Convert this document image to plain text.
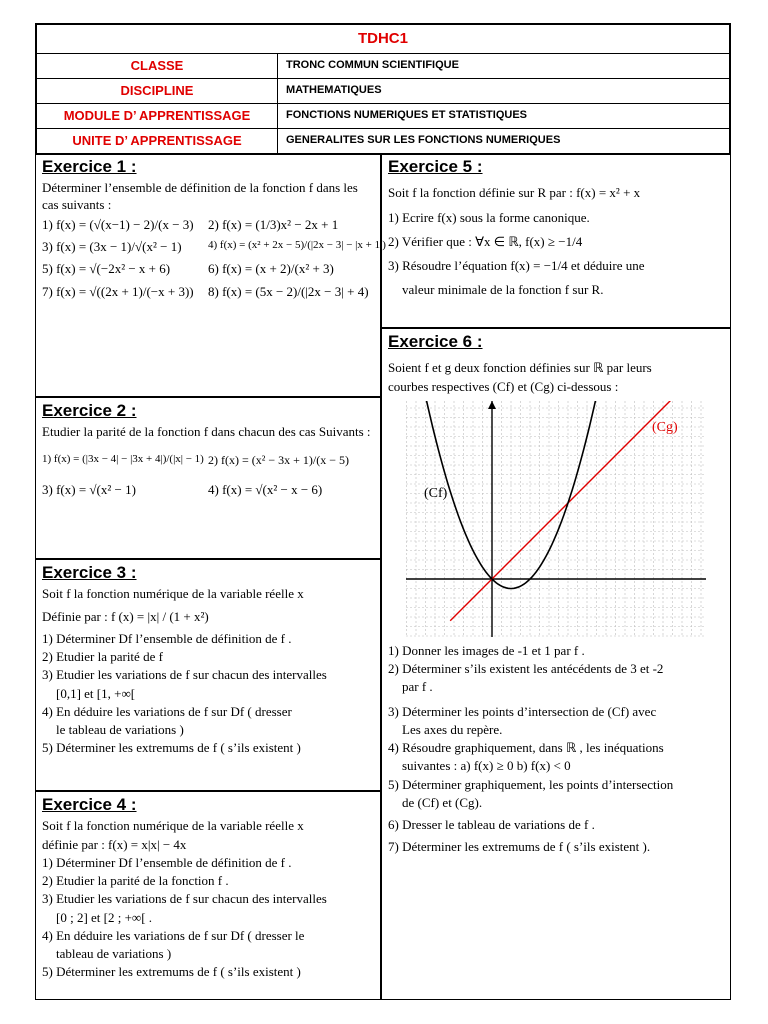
TDHC1
CLASSE	TRONC COMMUN SCIENTIFIQUE
DISCIPLINE	MATHEMATIQUES
MODULE D’ APPRENTISSAGE	FONCTIONS NUMERIQUES ET STATISTIQUES
UNITE D’ APPRENTISSAGE	GENERALITES SUR LES FONCTIONS NUMERIQUES
Exercice 1 :

Déterminer l’ensemble de définition de la fonction f dans les cas suivants :

1) f(x) = (√(x−1) − 2)/(x − 3)	2) f(x) = (1/3)x² − 2x + 1
3) f(x) = (3x − 1)/√(x² − 1)	4) f(x) = (x² + 2x − 5)/(|2x − 3| − |x + 1|)
5) f(x) = √(−2x² − x + 6)	6) f(x) = (x + 2)/(x² + 3)
7) f(x) = √((2x + 1)/(−x + 3))	8) f(x) = (5x − 2)/(|2x − 3| + 4)
Exercice 2 :

Etudier la parité de la fonction f dans chacun des cas Suivants :

1) f(x) = (|3x − 4| − |3x + 4|)/(|x| − 1) 2) f(x) = (x² − 3x + 1)/(x − 5)
3) f(x) = √(x² − 1)	4) f(x) = √(x² − x − 6)
Exercice 3 :

Soit f la fonction numérique de la variable réelle x

Définie par : f (x) = |x| / (1 + x²)

1) Déterminer Df l’ensemble de définition de f .

2) Etudier la parité de f

3) Etudier les variations de f sur chacun des intervalles

[0,1] et [1, +∞[

4) En déduire les variations de f sur Df ( dresser

le tableau de variations )

5) Déterminer les extremums de f ( s’ils existent )

Exercice 4 :

Soit f la fonction numérique de la variable réelle x

définie par : f(x) = x|x| − 4x

1) Déterminer Df l’ensemble de définition de f .

2) Etudier la parité de la fonction f .

3) Etudier les variations de f sur chacun des intervalles

[0 ; 2] et [2 ; +∞[ .

4) En déduire les variations de f sur Df ( dresser le

tableau de variations )

5) Déterminer les extremums de f ( s’ils existent )

Exercice 5 :

Soit f la fonction définie sur R par : f(x) = x² + x

1) Ecrire f(x) sous la forme canonique.

2) Vérifier que : ∀x ∈ ℝ, f(x) ≥ −1/4

3) Résoudre l’équation f(x) = −1/4 et déduire une

valeur minimale de la fonction f sur R.

Exercice 6 :

Soient f et g deux fonction définies sur ℝ par leurs

courbes respectives (Cf) et (Cg) ci-dessous :

(Cf)
(Cg)

1) Donner les images de -1 et 1 par f .

2) Déterminer s’ils existent les antécédents de 3 et -2

par f .

3) Déterminer les points d’intersection de (Cf) avec

Les axes du repère.

4) Résoudre graphiquement, dans ℝ , les inéquations

suivantes : a) f(x) ≥ 0 b) f(x) < 0

5) Déterminer graphiquement, les points d’intersection

de (Cf) et (Cg).

6) Dresser le tableau de variations de f .

7) Déterminer les extremums de f ( s’ils existent ).
